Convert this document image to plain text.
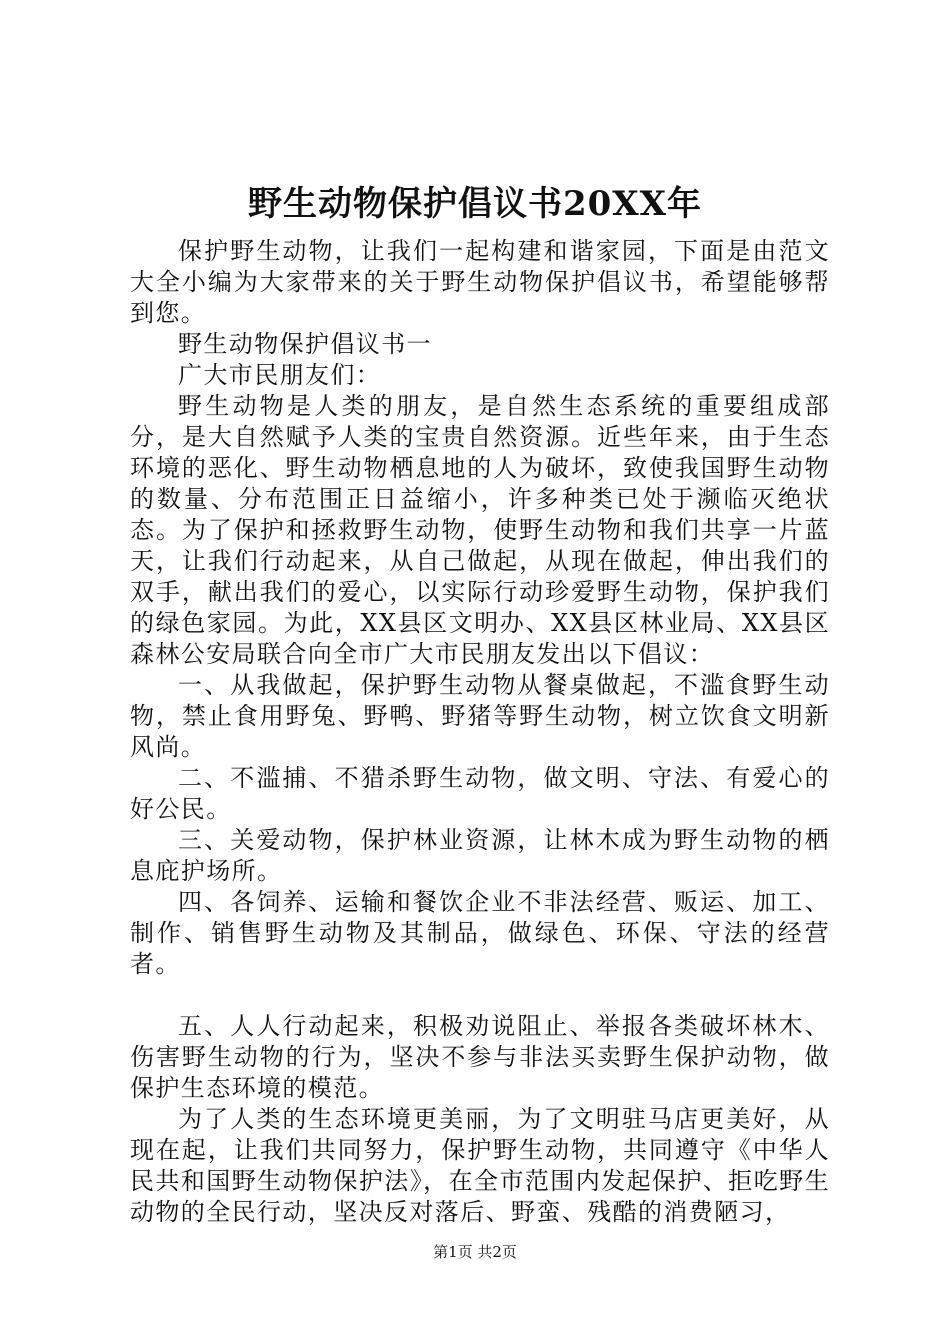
野生动物保护倡议书20XX年

保护野生动物，让我们一起构建和谐家园，下面是由范文大全小编为大家带来的关于野生动物保护倡议书，希望能够帮到您。

野生动物保护倡议书一

广大市民朋友们：

野生动物是人类的朋友，是自然生态系统的重要组成部分，是大自然赋予人类的宝贵自然资源。近些年来，由于生态环境的恶化、野生动物栖息地的人为破坏，致使我国野生动物的数量、分布范围正日益缩小，许多种类已处于濒临灭绝状态。为了保护和拯救野生动物，使野生动物和我们共享一片蓝天，让我们行动起来，从自己做起，从现在做起，伸出我们的双手，献出我们的爱心，以实际行动珍爱野生动物，保护我们的绿色家园。为此，XX县区文明办、XX县区林业局、XX县区森林公安局联合向全市广大市民朋友发出以下倡议：

一、从我做起，保护野生动物从餐桌做起，不滥食野生动物，禁止食用野兔、野鸭、野猪等野生动物，树立饮食文明新风尚。

二、不滥捕、不猎杀野生动物，做文明、守法、有爱心的好公民。

三、关爱动物，保护林业资源，让林木成为野生动物的栖息庇护场所。

四、各饲养、运输和餐饮企业不非法经营、贩运、加工、制作、销售野生动物及其制品，做绿色、环保、守法的经营者。

五、人人行动起来，积极劝说阻止、举报各类破坏林木、伤害野生动物的行为，坚决不参与非法买卖野生保护动物，做保护生态环境的模范。

为了人类的生态环境更美丽，为了文明驻马店更美好，从现在起，让我们共同努力，保护野生动物，共同遵守《中华人民共和国野生动物保护法》，在全市范围内发起保护、拒吃野生动物的全民行动，坚决反对落后、野蛮、残酷的消费陋习，

第1页 共2页
